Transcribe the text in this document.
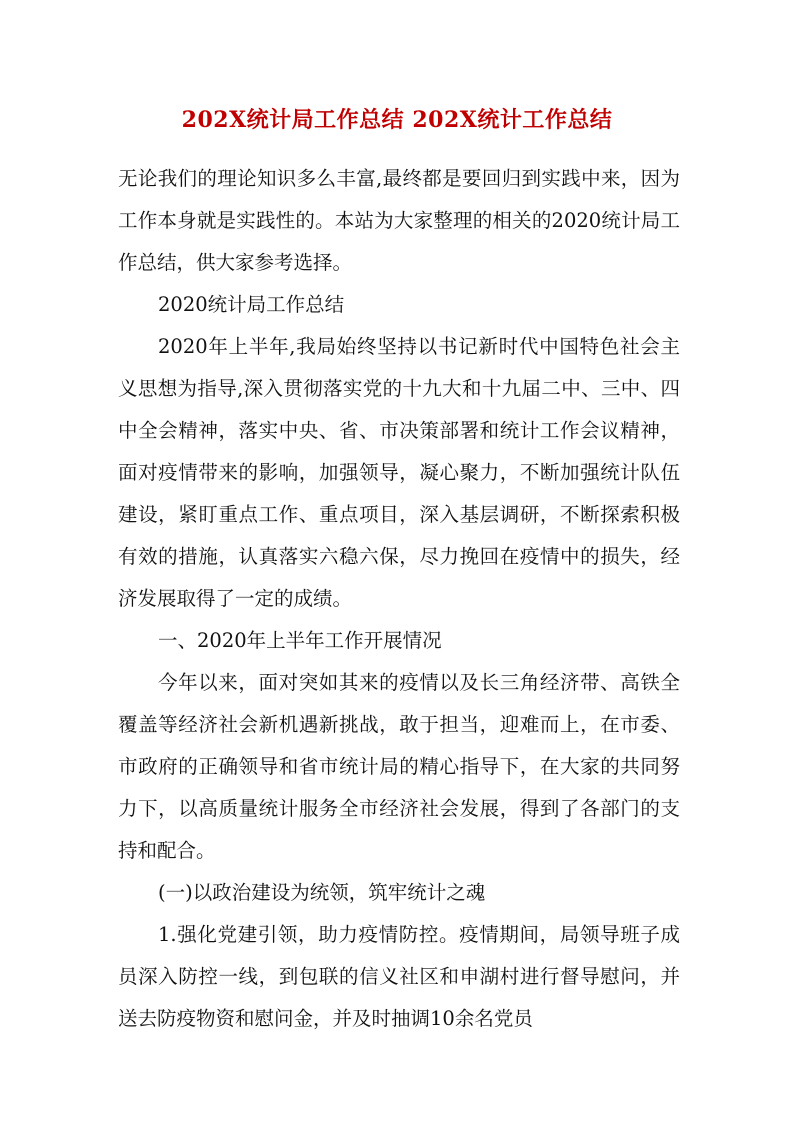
202X统计局工作总结 202X统计工作总结

无论我们的理论知识多么丰富,最终都是要回归到实践中来，因为工作本身就是实践性的。本站为大家整理的相关的2020统计局工作总结，供大家参考选择。

2020统计局工作总结

2020年上半年,我局始终坚持以书记新时代中国特色社会主义思想为指导,深入贯彻落实党的十九大和十九届二中、三中、四中全会精神，落实中央、省、市决策部署和统计工作会议精神，面对疫情带来的影响，加强领导，凝心聚力，不断加强统计队伍建设，紧盯重点工作、重点项目，深入基层调研，不断探索积极有效的措施，认真落实六稳六保，尽力挽回在疫情中的损失，经济发展取得了一定的成绩。

一、2020年上半年工作开展情况

今年以来，面对突如其来的疫情以及长三角经济带、高铁全覆盖等经济社会新机遇新挑战，敢于担当，迎难而上，在市委、市政府的正确领导和省市统计局的精心指导下，在大家的共同努力下，以高质量统计服务全市经济社会发展，得到了各部门的支持和配合。

(一)以政治建设为统领，筑牢统计之魂

1.强化党建引领，助力疫情防控。疫情期间，局领导班子成员深入防控一线，到包联的信义社区和申湖村进行督导慰问，并送去防疫物资和慰问金，并及时抽调10余名党员
